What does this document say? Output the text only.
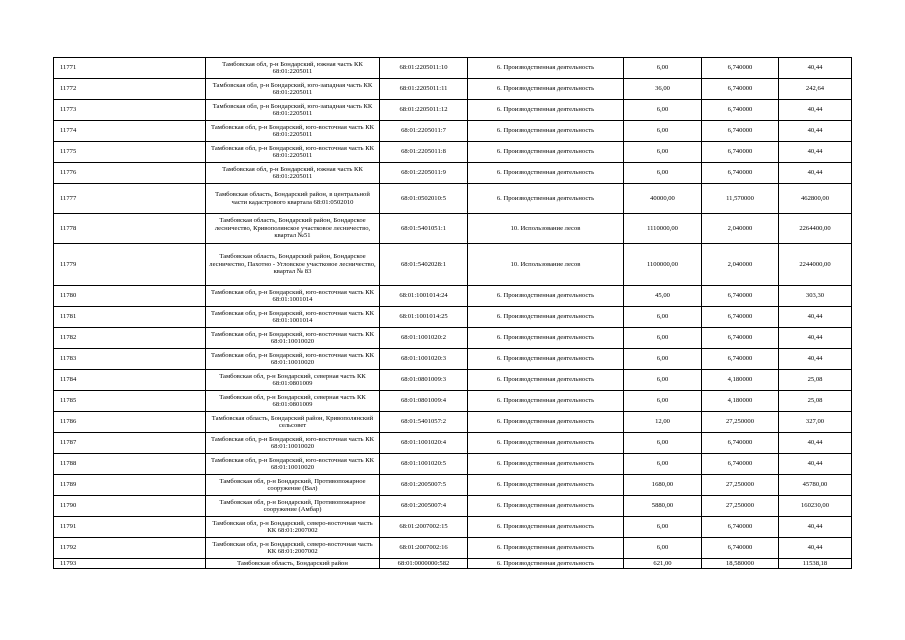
11771	Тамбовская обл, р-н Бондарский, южная часть КК 68:01:2205011	68:01:2205011:10	6. Производственная деятельность	6,00	6,740000	40,44
11772	Тамбовская обл, р-н Бондарский, юго-западная часть КК 68:01:2205011	68:01:2205011:11	6. Производственная деятельность	36,00	6,740000	242,64
11773	Тамбовская обл, р-н Бондарский, юго-западная часть КК 68:01:2205011	68:01:2205011:12	6. Производственная деятельность	6,00	6,740000	40,44
11774	Тамбовская обл, р-н Бондарский, юго-восточная часть КК 68:01:2205011	68:01:2205011:7	6. Производственная деятельность	6,00	6,740000	40,44
11775	Тамбовская обл, р-н Бондарский, юго-восточная часть КК 68:01:2205011	68:01:2205011:8	6. Производственная деятельность	6,00	6,740000	40,44
11776	Тамбовская обл, р-н Бондарский, южная часть КК 68:01:2205011	68:01:2205011:9	6. Производственная деятельность	6,00	6,740000	40,44
11777	Тамбовская область, Бондарский район, в центральной части кадастрового квартала 68:01:0502010	68:01:0502010:5	6. Производственная деятельность	40000,00	11,570000	462800,00
11778	Тамбовская область, Бондарский район, Бондарское лесничество, Кривополянское участковое лесничество, квартал №51	68:01:5401051:1	10. Использование лесов	1110000,00	2,040000	2264400,00
11779	Тамбовская область, Бондарский район, Бондарское лесничество, Пахотно - Угловское участковое лесничество, квартал № 83	68:01:5402028:1	10. Использование лесов	1100000,00	2,040000	2244000,00
11780	Тамбовская обл, р-н Бондарский, юго-восточная часть КК 68:01:1001014	68:01:1001014:24	6. Производственная деятельность	45,00	6,740000	303,30
11781	Тамбовская обл, р-н Бондарский, юго-восточная часть КК 68:01:1001014	68:01:1001014:25	6. Производственная деятельность	6,00	6,740000	40,44
11782	Тамбовская обл, р-н Бондарский, юго-восточная часть КК 68:01:10010020	68:01:1001020:2	6. Производственная деятельность	6,00	6,740000	40,44
11783	Тамбовская обл, р-н Бондарский, юго-восточная часть КК 68:01:10010020	68:01:1001020:3	6. Производственная деятельность	6,00	6,740000	40,44
11784	Тамбовская обл, р-н Бондарский, северная часть КК 68:01:0801009	68:01:0801009:3	6. Производственная деятельность	6,00	4,180000	25,08
11785	Тамбовская обл, р-н Бондарский, северная часть КК 68:01:0801009	68:01:0801009:4	6. Производственная деятельность	6,00	4,180000	25,08
11786	Тамбовская область, Бондарский район, Кривополянский сельсовет	68:01:5401057:2	6. Производственная деятельность	12,00	27,250000	327,00
11787	Тамбовская обл, р-н Бондарский, юго-восточная часть КК 68:01:10010020	68:01:1001020:4	6. Производственная деятельность	6,00	6,740000	40,44
11788	Тамбовская обл, р-н Бондарский, юго-восточная часть КК 68:01:10010020	68:01:1001020:5	6. Производственная деятельность	6,00	6,740000	40,44
11789	Тамбовская обл, р-н Бондарский, Противопожарное сооружение (Вал)	68:01:2005007:5	6. Производственная деятельность	1680,00	27,250000	45780,00
11790	Тамбовская обл, р-н Бондарский, Противопожарное сооружение (Амбар)	68:01:2005007:4	6. Производственная деятельность	5880,00	27,250000	160230,00
11791	Тамбовская обл, р-н Бондарский, северо-восточная часть КК 68:01:2007002	68:01:2007002:15	6. Производственная деятельность	6,00	6,740000	40,44
11792	Тамбовская обл, р-н Бондарский, северо-восточная часть КК 68:01:2007002	68:01:2007002:16	6. Производственная деятельность	6,00	6,740000	40,44
11793	Тамбовская область, Бондарский район	68:01:0000000:582	6. Производственная деятельность	621,00	18,580000	11538,18
